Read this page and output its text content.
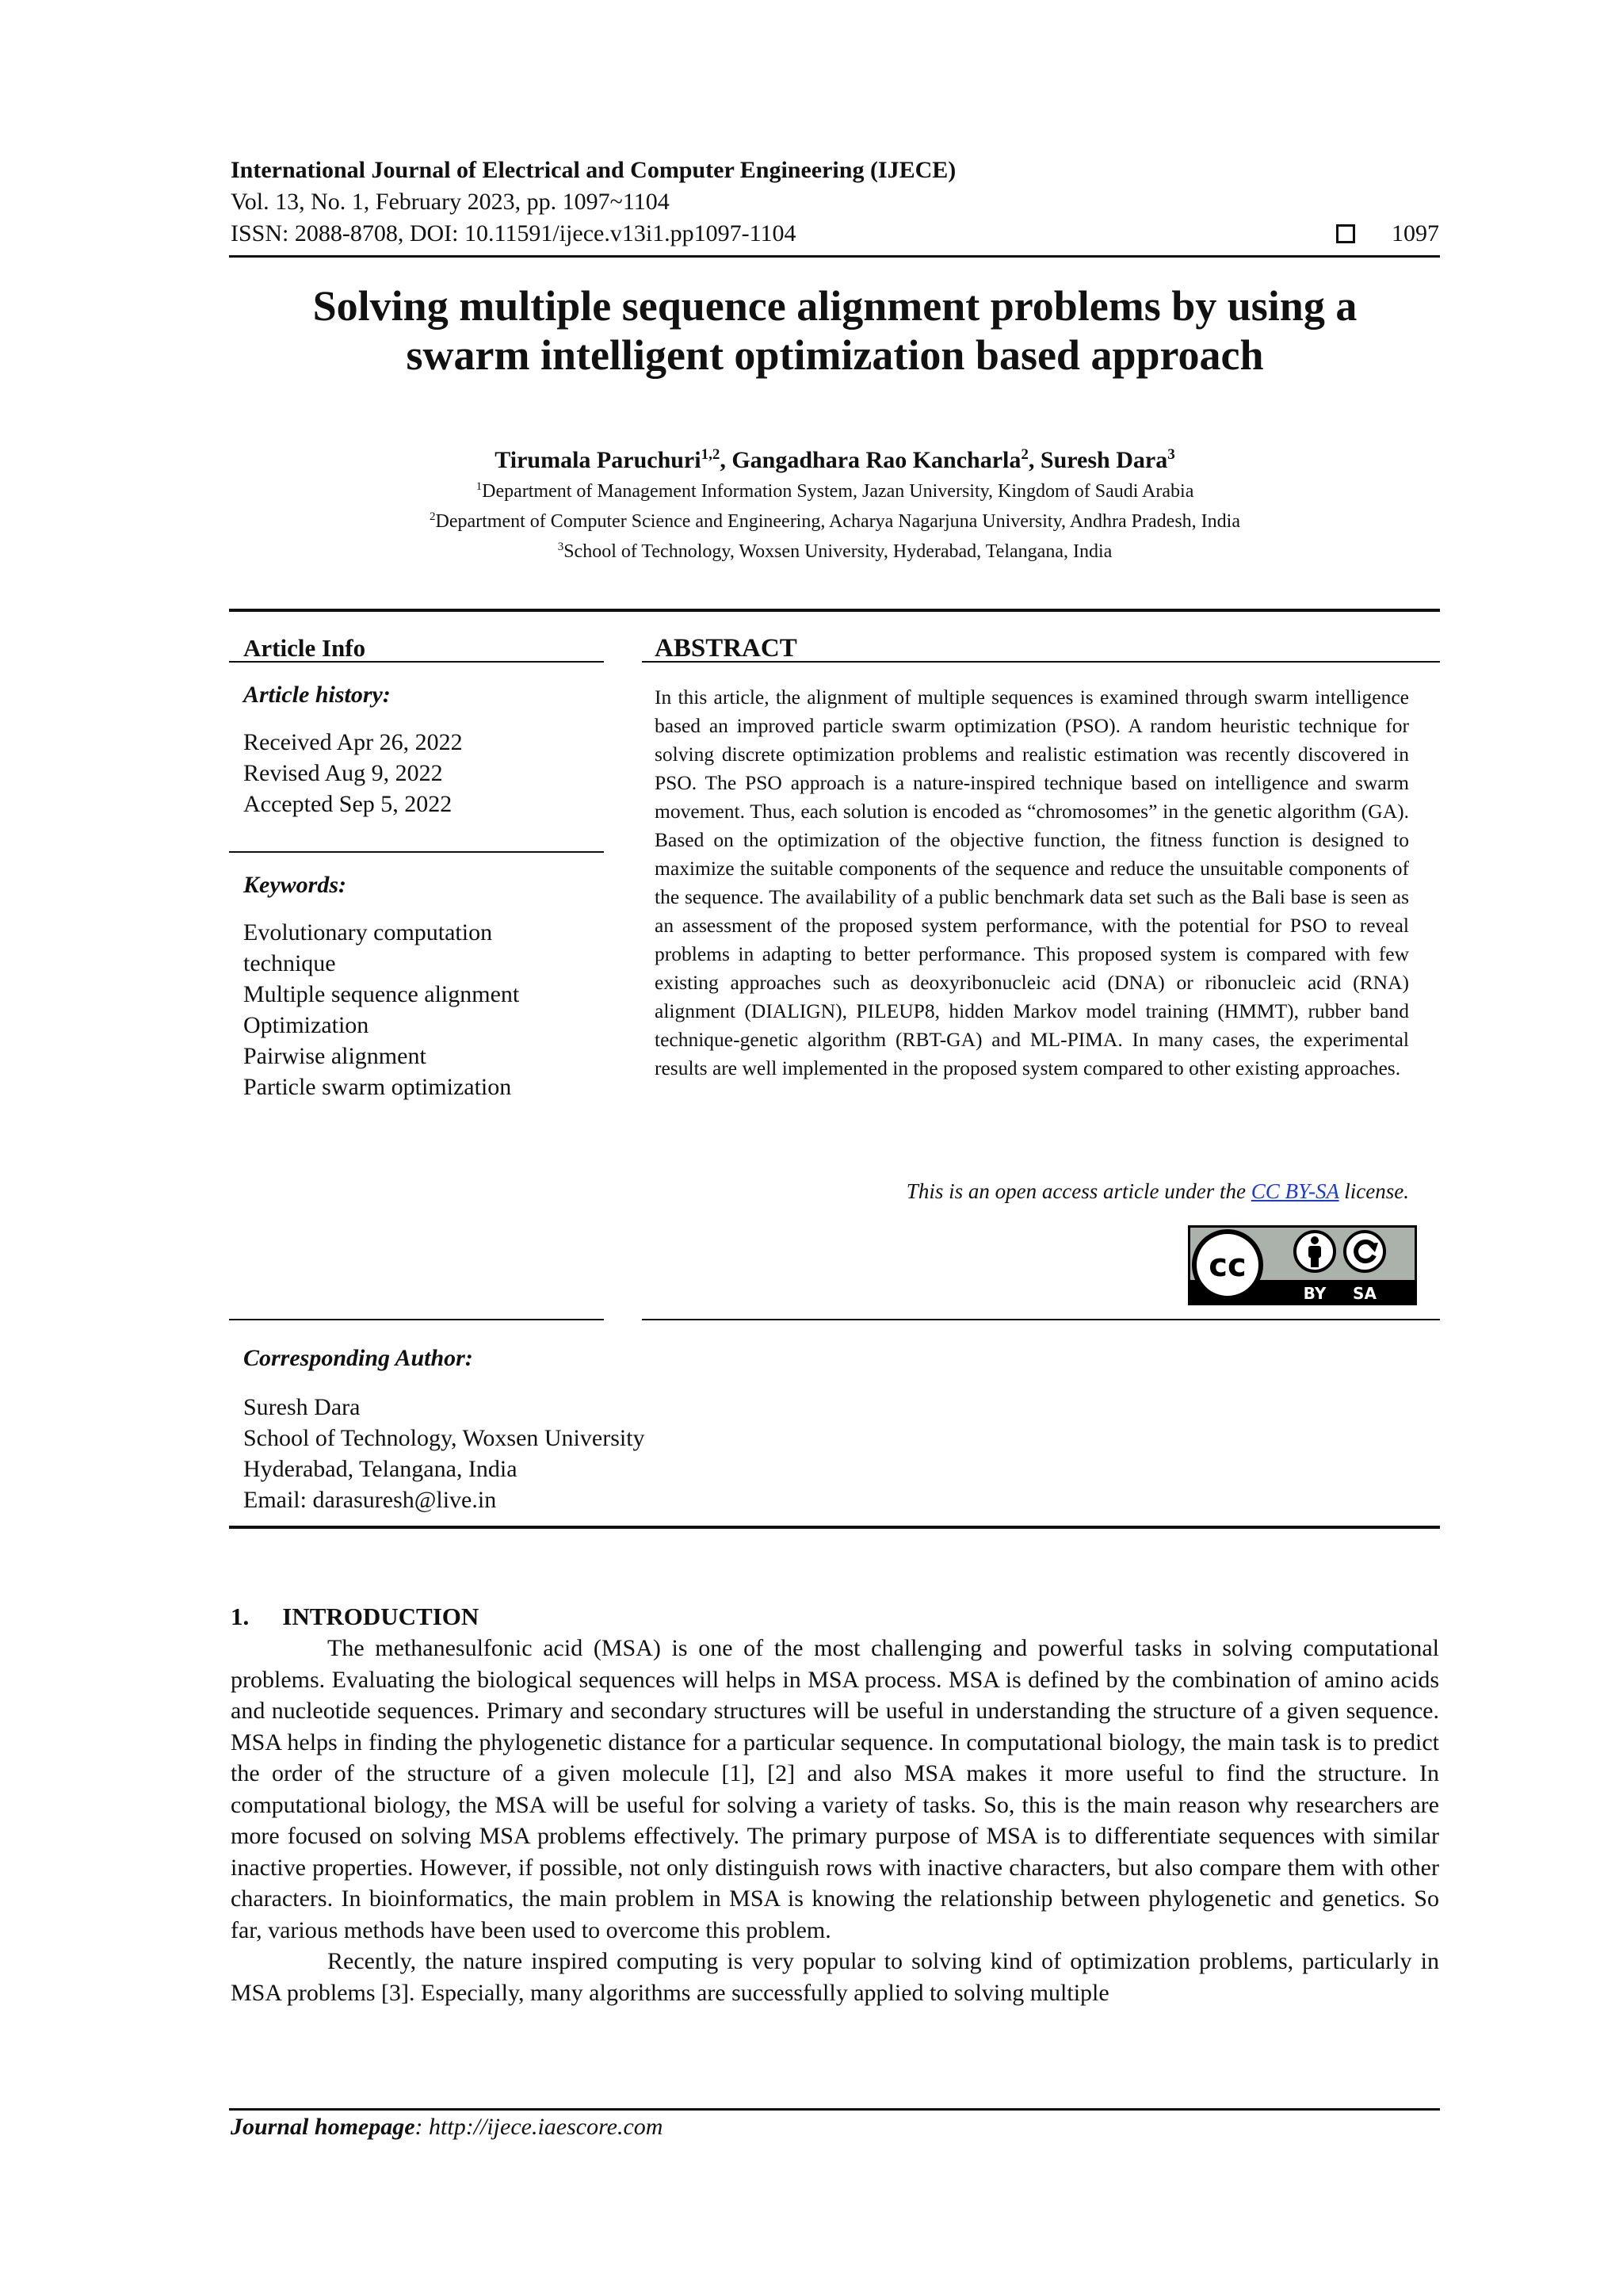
International Journal of Electrical and Computer Engineering (IJECE)
Vol. 13, No. 1, February 2023, pp. 1097~1104
ISSN: 2088-8708, DOI: 10.11591/ijece.v13i1.pp1097-1104	1097
Solving multiple sequence alignment problems by using a
swarm intelligent optimization based approach
Tirumala Paruchuri$^{1,2}$, Gangadhara Rao Kancharla$^2$, Suresh Dara$^3$
$^1$Department of Management Information System, Jazan University, Kingdom of Saudi Arabia
$^2$Department of Computer Science and Engineering, Acharya Nagarjuna University, Andhra Pradesh, India
$^3$School of Technology, Woxsen University, Hyderabad, Telangana, India
Article Info	ABSTRACT
Article history:
Received Apr 26, 2022
Revised Aug 9, 2022
Accepted Sep 5, 2022
Keywords:
Evolutionary computation
technique
Multiple sequence alignment
Optimization
Pairwise alignment
Particle swarm optimization
In this article, the alignment of multiple sequences is examined through swarm intelligence based an improved particle swarm optimization (PSO). A random heuristic technique for solving discrete optimization problems and realistic estimation was recently discovered in PSO. The PSO approach is a nature-inspired technique based on intelligence and swarm movement. Thus, each solution is encoded as “chromosomes” in the genetic algorithm (GA). Based on the optimization of the objective function, the fitness function is designed to maximize the suitable components of the sequence and reduce the unsuitable components of the sequence. The availability of a public benchmark data set such as the Bali base is seen as an assessment of the proposed system performance, with the potential for PSO to reveal problems in adapting to better performance. This proposed system is compared with few existing approaches such as deoxyribonucleic acid (DNA) or ribonucleic acid (RNA) alignment (DIALIGN), PILEUP8, hidden Markov model training (HMMT), rubber band technique-genetic algorithm (RBT-GA) and ML-PIMA. In many cases, the experimental results are well implemented in the proposed system compared to other existing approaches.
This is an open access article under the CC BY-SA license.
cc
BY SA
Corresponding Author:
Suresh Dara
School of Technology, Woxsen University
Hyderabad, Telangana, India
Email: darasuresh@live.in
1. INTRODUCTION

The methanesulfonic acid (MSA) is one of the most challenging and powerful tasks in solving computational problems. Evaluating the biological sequences will helps in MSA process. MSA is defined by the combination of amino acids and nucleotide sequences. Primary and secondary structures will be useful in understanding the structure of a given sequence. MSA helps in finding the phylogenetic distance for a particular sequence. In computational biology, the main task is to predict the order of the structure of a given molecule [1], [2] and also MSA makes it more useful to find the structure. In computational biology, the MSA will be useful for solving a variety of tasks. So, this is the main reason why researchers are more focused on solving MSA problems effectively. The primary purpose of MSA is to differentiate sequences with similar inactive properties. However, if possible, not only distinguish rows with inactive characters, but also compare them with other characters. In bioinformatics, the main problem in MSA is knowing the relationship between phylogenetic and genetics. So far, various methods have been used to overcome this problem.

Recently, the nature inspired computing is very popular to solving kind of optimization problems, particularly in MSA problems [3]. Especially, many algorithms are successfully applied to solving multiple

Journal homepage: http://ijece.iaescore.com
